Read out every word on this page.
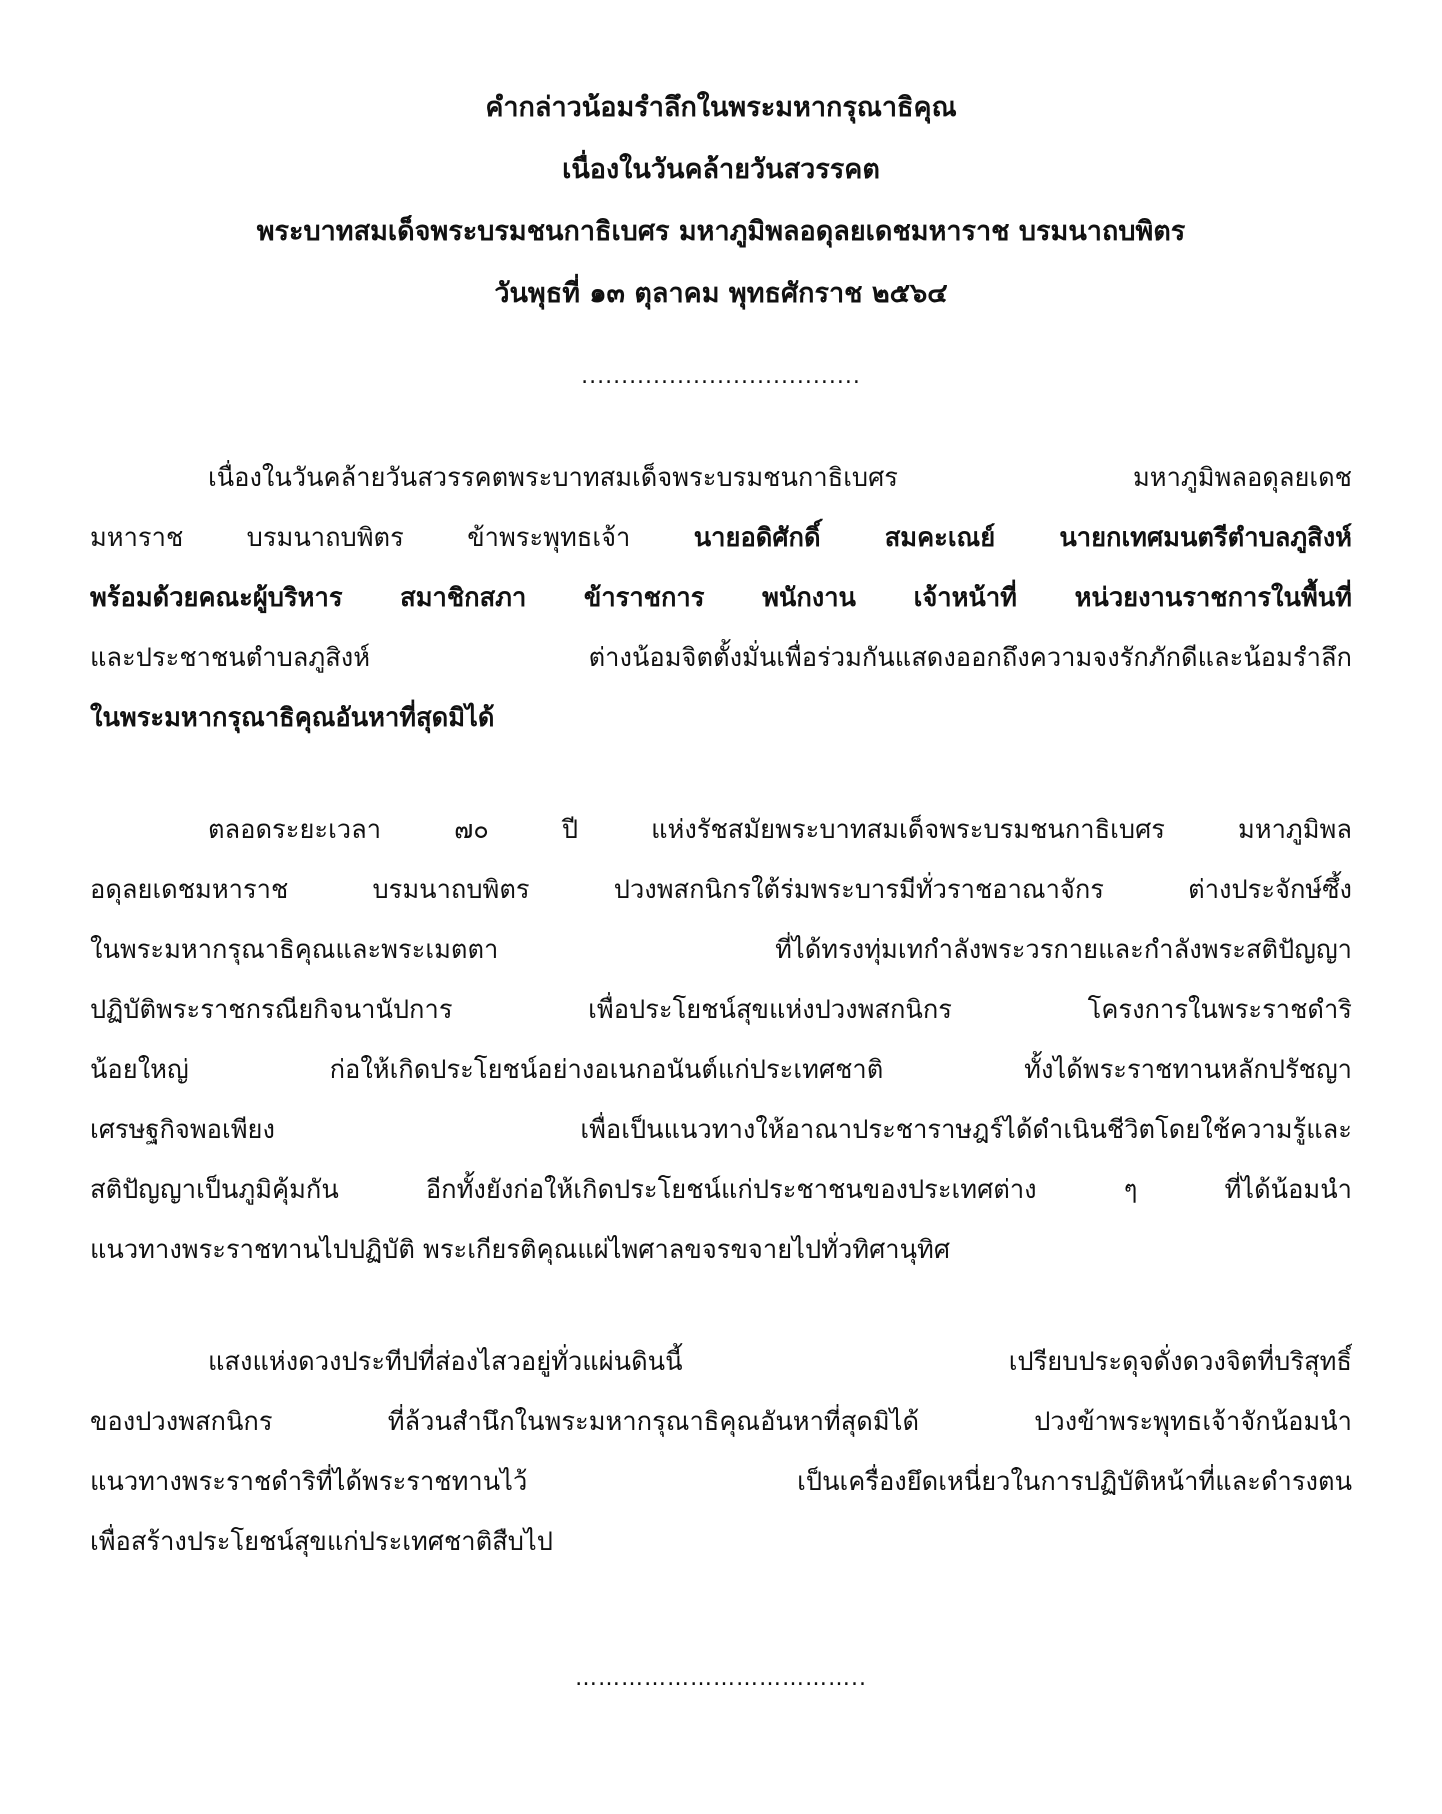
คำกล่าวน้อมรำลึกในพระมหากรุณาธิคุณ
เนื่องในวันคล้ายวันสวรรคต
พระบาทสมเด็จพระบรมชนกาธิเบศร มหาภูมิพลอดุลยเดชมหาราช บรมนาถบพิตร
วันพุธที่ ๑๓ ตุลาคม พุทธศักราช ๒๕๖๔
...................................
เนื่องในวันคล้ายวันสวรรคตพระบาทสมเด็จพระบรมชนกาธิเบศร มหาภูมิพลอดุลยเดช
มหาราช บรมนาถบพิตร ข้าพระพุทธเจ้า นายอดิศักดิ์ สมคะเณย์ นายกเทศมนตรีตำบลภูสิงห์
พร้อมด้วยคณะผู้บริหาร สมาชิกสภา ข้าราชการ พนักงาน เจ้าหน้าที่ หน่วยงานราชการในพื้นที่
และประชาชนตำบลภูสิงห์ ต่างน้อมจิตตั้งมั่นเพื่อร่วมกันแสดงออกถึงความจงรักภักดีและน้อมรำลึก
ในพระมหากรุณาธิคุณอันหาที่สุดมิได้
ตลอดระยะเวลา ๗๐ ปี แห่งรัชสมัยพระบาทสมเด็จพระบรมชนกาธิเบศร มหาภูมิพล
อดุลยเดชมหาราช บรมนาถบพิตร ปวงพสกนิกรใต้ร่มพระบารมีทั่วราชอาณาจักร ต่างประจักษ์ซึ้ง
ในพระมหากรุณาธิคุณและพระเมตตา ที่ได้ทรงทุ่มเทกำลังพระวรกายและกำลังพระสติปัญญา
ปฏิบัติพระราชกรณียกิจนานัปการ เพื่อประโยชน์สุขแห่งปวงพสกนิกร โครงการในพระราชดำริ
น้อยใหญ่ ก่อให้เกิดประโยชน์อย่างอเนกอนันต์แก่ประเทศชาติ ทั้งได้พระราชทานหลักปรัชญา
เศรษฐกิจพอเพียง เพื่อเป็นแนวทางให้อาณาประชาราษฎร์ได้ดำเนินชีวิตโดยใช้ความรู้และ
สติปัญญาเป็นภูมิคุ้มกัน อีกทั้งยังก่อให้เกิดประโยชน์แก่ประชาชนของประเทศต่าง ๆ ที่ได้น้อมนำ
แนวทางพระราชทานไปปฏิบัติ พระเกียรติคุณแผ่ไพศาลขจรขจายไปทั่วทิศานุทิศ
แสงแห่งดวงประทีปที่ส่องไสวอยู่ทั่วแผ่นดินนี้ เปรียบประดุจดั่งดวงจิตที่บริสุทธิ์
ของปวงพสกนิกร ที่ล้วนสำนึกในพระมหากรุณาธิคุณอันหาที่สุดมิได้ ปวงข้าพระพุทธเจ้าจักน้อมนำ
แนวทางพระราชดำริที่ได้พระราชทานไว้ เป็นเครื่องยึดเหนี่ยวในการปฏิบัติหน้าที่และดำรงตน
เพื่อสร้างประโยชน์สุขแก่ประเทศชาติสืบไป
………………………………..
